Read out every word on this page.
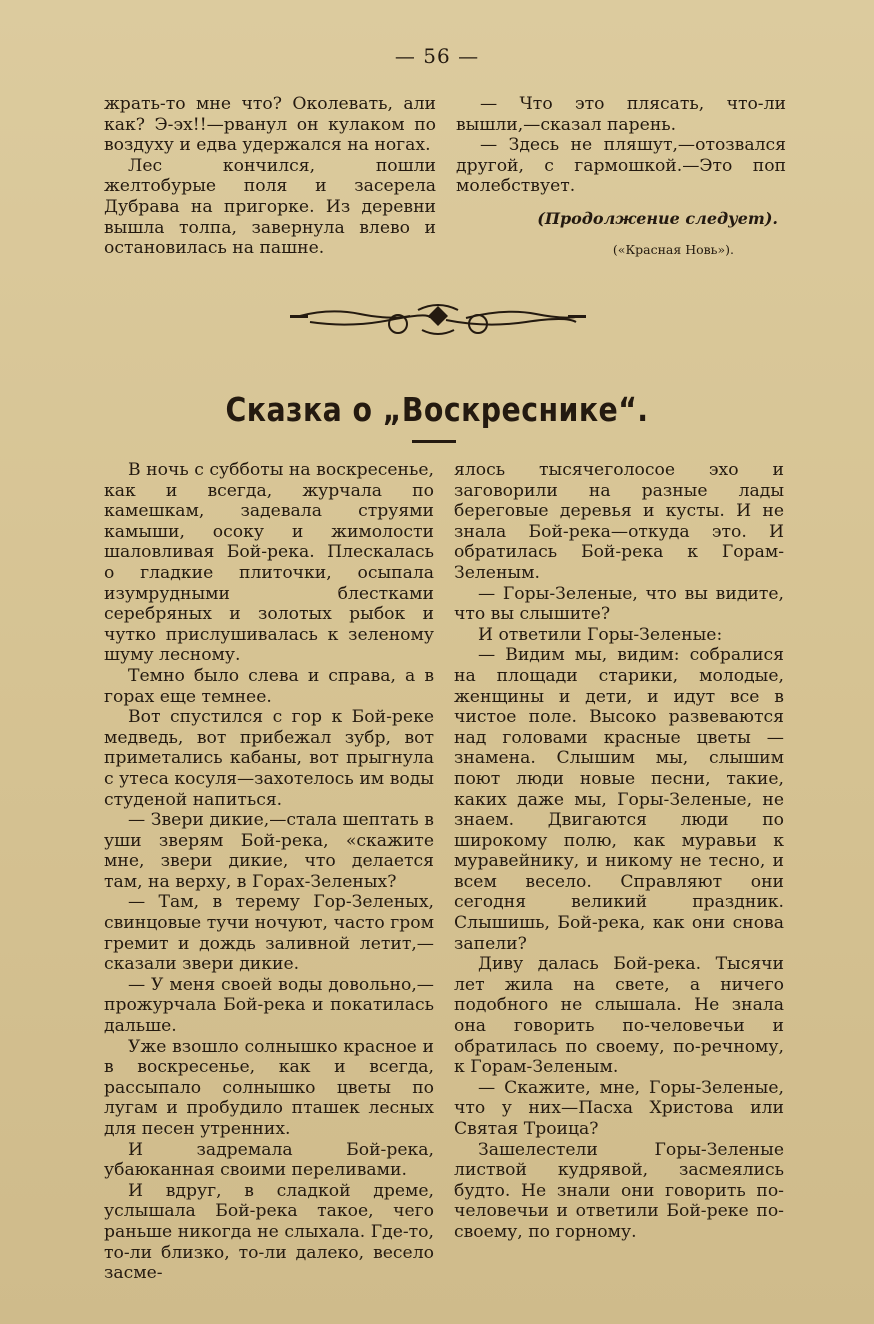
— 56 —

жрать-то мне что? Околевать, али как? Э-эх!!—рванул он кулаком по воздуху и едва удержался на ногах.

Лес кончился, пошли желтобурые поля и засерела Дубрава на пригорке. Из деревни вышла толпа, завернула влево и остановилась на пашне.

— Что это плясать, что-ли вышли,—сказал парень.

— Здесь не пляшут,—отозвался другой, с гармошкой.—Это поп молебствует.

(Продолжение следует).

(«Красная Новь»).

Сказка о „Воскреснике“.

В ночь с субботы на воскресенье, как и всегда, журчала по камешкам, задевала струями камыши, осоку и жимолости шаловливая Бой-река. Плескалась о гладкие плиточки, осыпала изумрудными блестками серебряных и золотых рыбок и чутко прислушивалась к зеленому шуму лесному.

Темно было слева и справа, а в горах еще темнее.

Вот спустился с гор к Бой-реке медведь, вот прибежал зубр, вот приметались кабаны, вот прыгнула с утеса косуля—захотелось им воды студеной напиться.

— Звери дикие,—стала шептать в уши зверям Бой-река, «скажите мне, звери дикие, что делается там, на верху, в Горах-Зеленых?

— Там, в терему Гор-Зеленых, свинцовые тучи ночуют, часто гром гремит и дождь заливной летит,—сказали звери дикие.

— У меня своей воды довольно,—прожурчала Бой-река и покатилась дальше.

Уже взошло солнышко красное и в воскресенье, как и всегда, рассыпало солнышко цветы по лугам и пробудило пташек лесных для песен утренних.

И задремала Бой-река, убаюканная своими переливами.

И вдруг, в сладкой дреме, услышала Бой-река такое, чего раньше никогда не слыхала. Где-то, то-ли близко, то-ли далеко, весело засме-

ялось тысячеголосое эхо и заговорили на разные лады береговые деревья и кусты. И не знала Бой-река—откуда это. И обратилась Бой-река к Горам-Зеленым.

— Горы-Зеленые, что вы видите, что вы слышите?

И ответили Горы-Зеленые:

— Видим мы, видим: собралися на площади старики, молодые, женщины и дети, и идут все в чистое поле. Высоко развеваются над головами красные цветы — знамена. Слышим мы, слышим поют люди новые песни, такие, каких даже мы, Горы-Зеленые, не знаем. Двигаются люди по широкому полю, как муравьи к муравейнику, и никому не тесно, и всем весело. Справляют они сегодня великий праздник. Слышишь, Бой-река, как они снова запели?

Диву далась Бой-река. Тысячи лет жила на свете, а ничего подобного не слышала. Не знала она говорить по-человечьи и обратилась по своему, по-речному, к Горам-Зеленым.

— Скажите, мне, Горы-Зеленые, что у них—Пасха Христова или Святая Троица?

Зашелестели Горы-Зеленые листвой кудрявой, засмеялись будто. Не знали они говорить по-человечьи и ответили Бой-реке по-своему, по горному.
